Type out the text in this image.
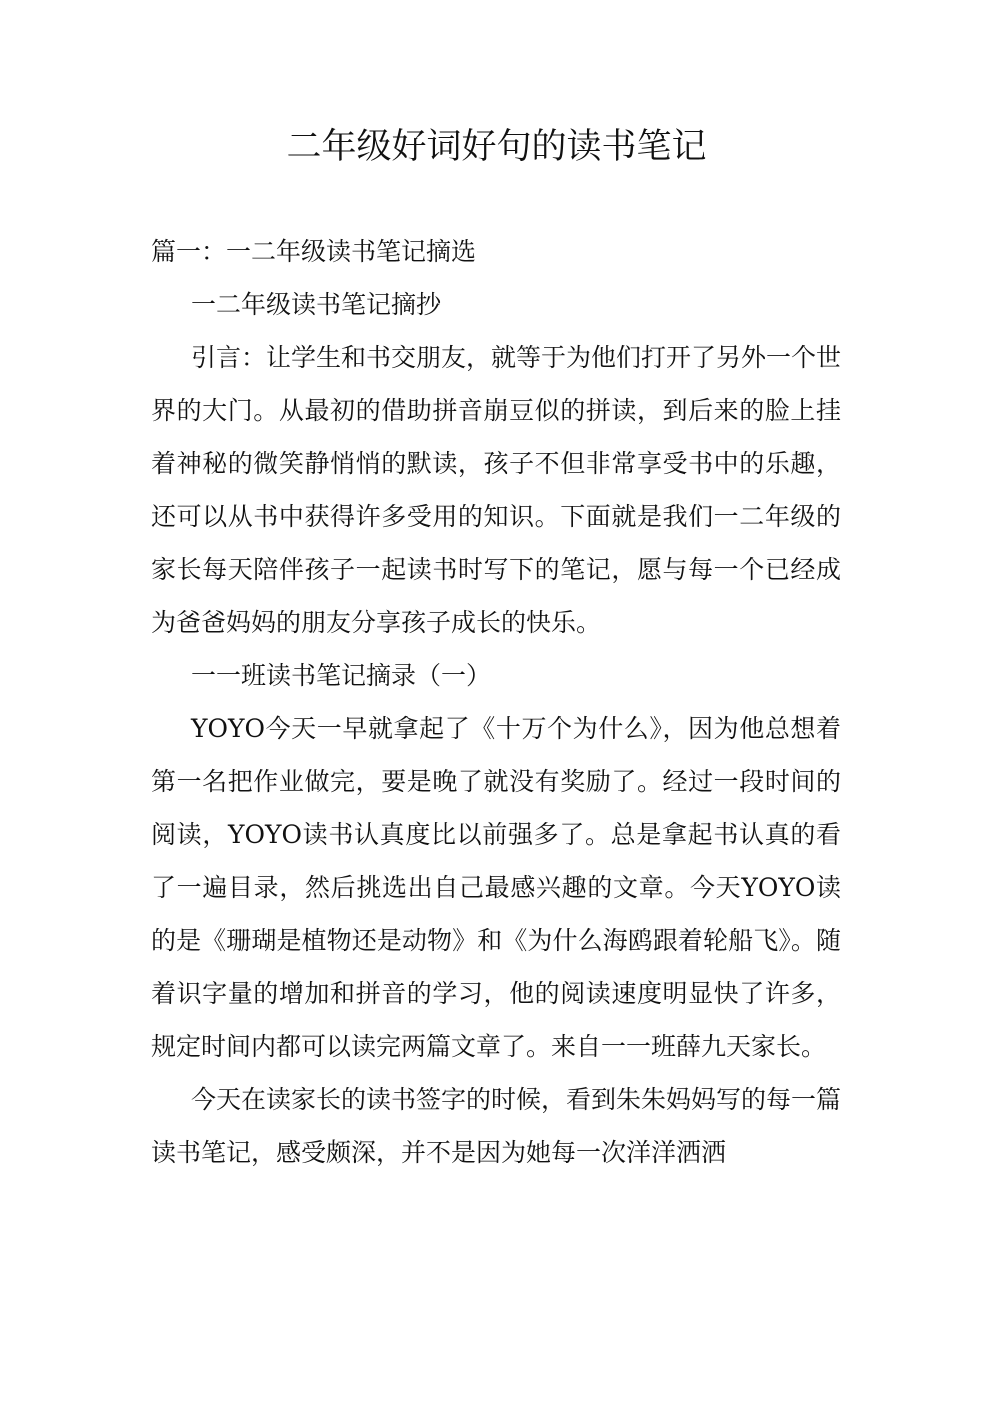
二年级好词好句的读书笔记

篇一：一二年级读书笔记摘选

一二年级读书笔记摘抄

引言：让学生和书交朋友，就等于为他们打开了另外一个世界的大门。从最初的借助拼音崩豆似的拼读，到后来的脸上挂着神秘的微笑静悄悄的默读，孩子不但非常享受书中的乐趣，还可以从书中获得许多受用的知识。下面就是我们一二年级的家长每天陪伴孩子一起读书时写下的笔记，愿与每一个已经成为爸爸妈妈的朋友分享孩子成长的快乐。

一一班读书笔记摘录（一）

YOYO今天一早就拿起了《十万个为什么》，因为他总想着第一名把作业做完，要是晚了就没有奖励了。经过一段时间的阅读，YOYO读书认真度比以前强多了。总是拿起书认真的看了一遍目录，然后挑选出自己最感兴趣的文章。今天YOYO读的是《珊瑚是植物还是动物》和《为什么海鸥跟着轮船飞》。随着识字量的增加和拼音的学习，他的阅读速度明显快了许多，规定时间内都可以读完两篇文章了。来自一一班薛九天家长。

今天在读家长的读书签字的时候，看到朱朱妈妈写的每一篇读书笔记，感受颇深，并不是因为她每一次洋洋洒洒
